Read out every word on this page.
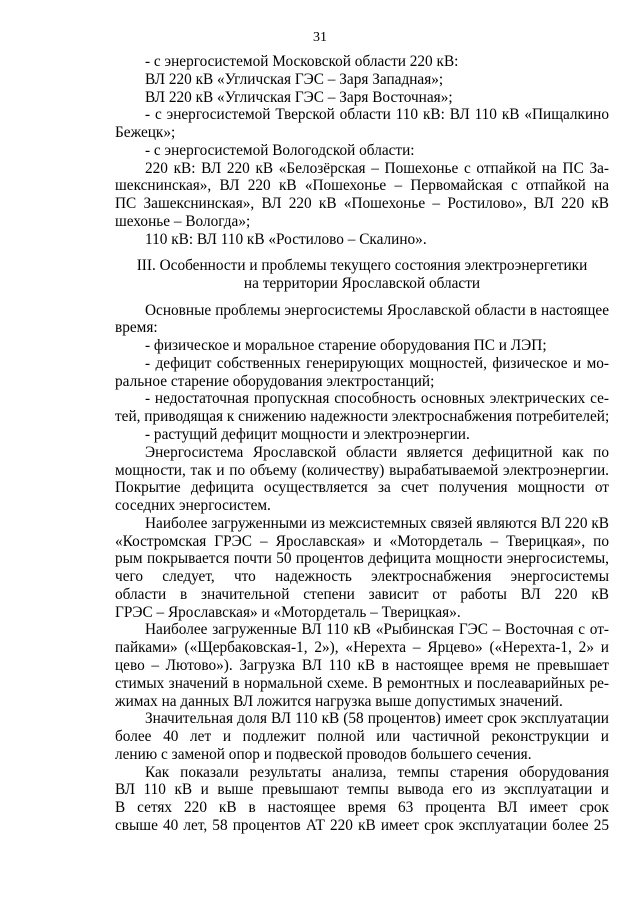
31
- с энергосистемой Московской области 220 кВ:
ВЛ 220 кВ «Угличская ГЭС – Заря Западная»;
ВЛ 220 кВ «Угличская ГЭС – Заря Восточная»;
- с энергосистемой Тверской области 110 кВ: ВЛ 110 кВ «Пищалкино
Бежецк»;
- с энергосистемой Вологодской области:
220 кВ: ВЛ 220 кВ «Белозёрская – Пошехонье с отпайкой на ПС За-
шекснинская», ВЛ 220 кВ «Пошехонье – Первомайская с отпайкой на
ПС Зашекснинская», ВЛ 220 кВ «Пошехонье – Ростилово», ВЛ 220 кВ
шехонье – Вологда»;
110 кВ: ВЛ 110 кВ «Ростилово – Скалино».
III. Особенности и проблемы текущего состояния электроэнергетики
на территории Ярославской области
Основные проблемы энергосистемы Ярославской области в настоящее
время:
- физическое и моральное старение оборудования ПС и ЛЭП;
- дефицит собственных генерирующих мощностей, физическое и мо-
ральное старение оборудования электростанций;
- недостаточная пропускная способность основных электрических се-
тей, приводящая к снижению надежности электроснабжения потребителей;
- растущий дефицит мощности и электроэнергии.
Энергосистема Ярославской области является дефицитной как по
мощности, так и по объему (количеству) вырабатываемой электроэнергии.
Покрытие дефицита осуществляется за счет получения мощности от
соседних энергосистем.
Наиболее загруженными из межсистемных связей являются ВЛ 220 кВ
«Костромская ГРЭС – Ярославская» и «Мотордеталь – Тверицкая», по
рым покрывается почти 50 процентов дефицита мощности энергосистемы,
чего следует, что надежность электроснабжения энергосистемы
области в значительной степени зависит от работы ВЛ 220 кВ
ГРЭС – Ярославская» и «Мотордеталь – Тверицкая».
Наиболее загруженные ВЛ 110 кВ «Рыбинская ГЭС – Восточная с от-
пайками» («Щербаковская-1, 2»), «Нерехта – Ярцево» («Нерехта-1, 2» и
цево – Лютово»). Загрузка ВЛ 110 кВ в настоящее время не превышает
стимых значений в нормальной схеме. В ремонтных и послеаварийных ре-
жимах на данных ВЛ ложится нагрузка выше допустимых значений.
Значительная доля ВЛ 110 кВ (58 процентов) имеет срок эксплуатации
более 40 лет и подлежит полной или частичной реконструкции и
лению с заменой опор и подвеской проводов большего сечения.
Как показали результаты анализа, темпы старения оборудования
ВЛ 110 кВ и выше превышают темпы вывода его из эксплуатации и
В сетях 220 кВ в настоящее время 63 процента ВЛ имеет срок
свыше 40 лет, 58 процентов АТ 220 кВ имеет срок эксплуатации более 25
